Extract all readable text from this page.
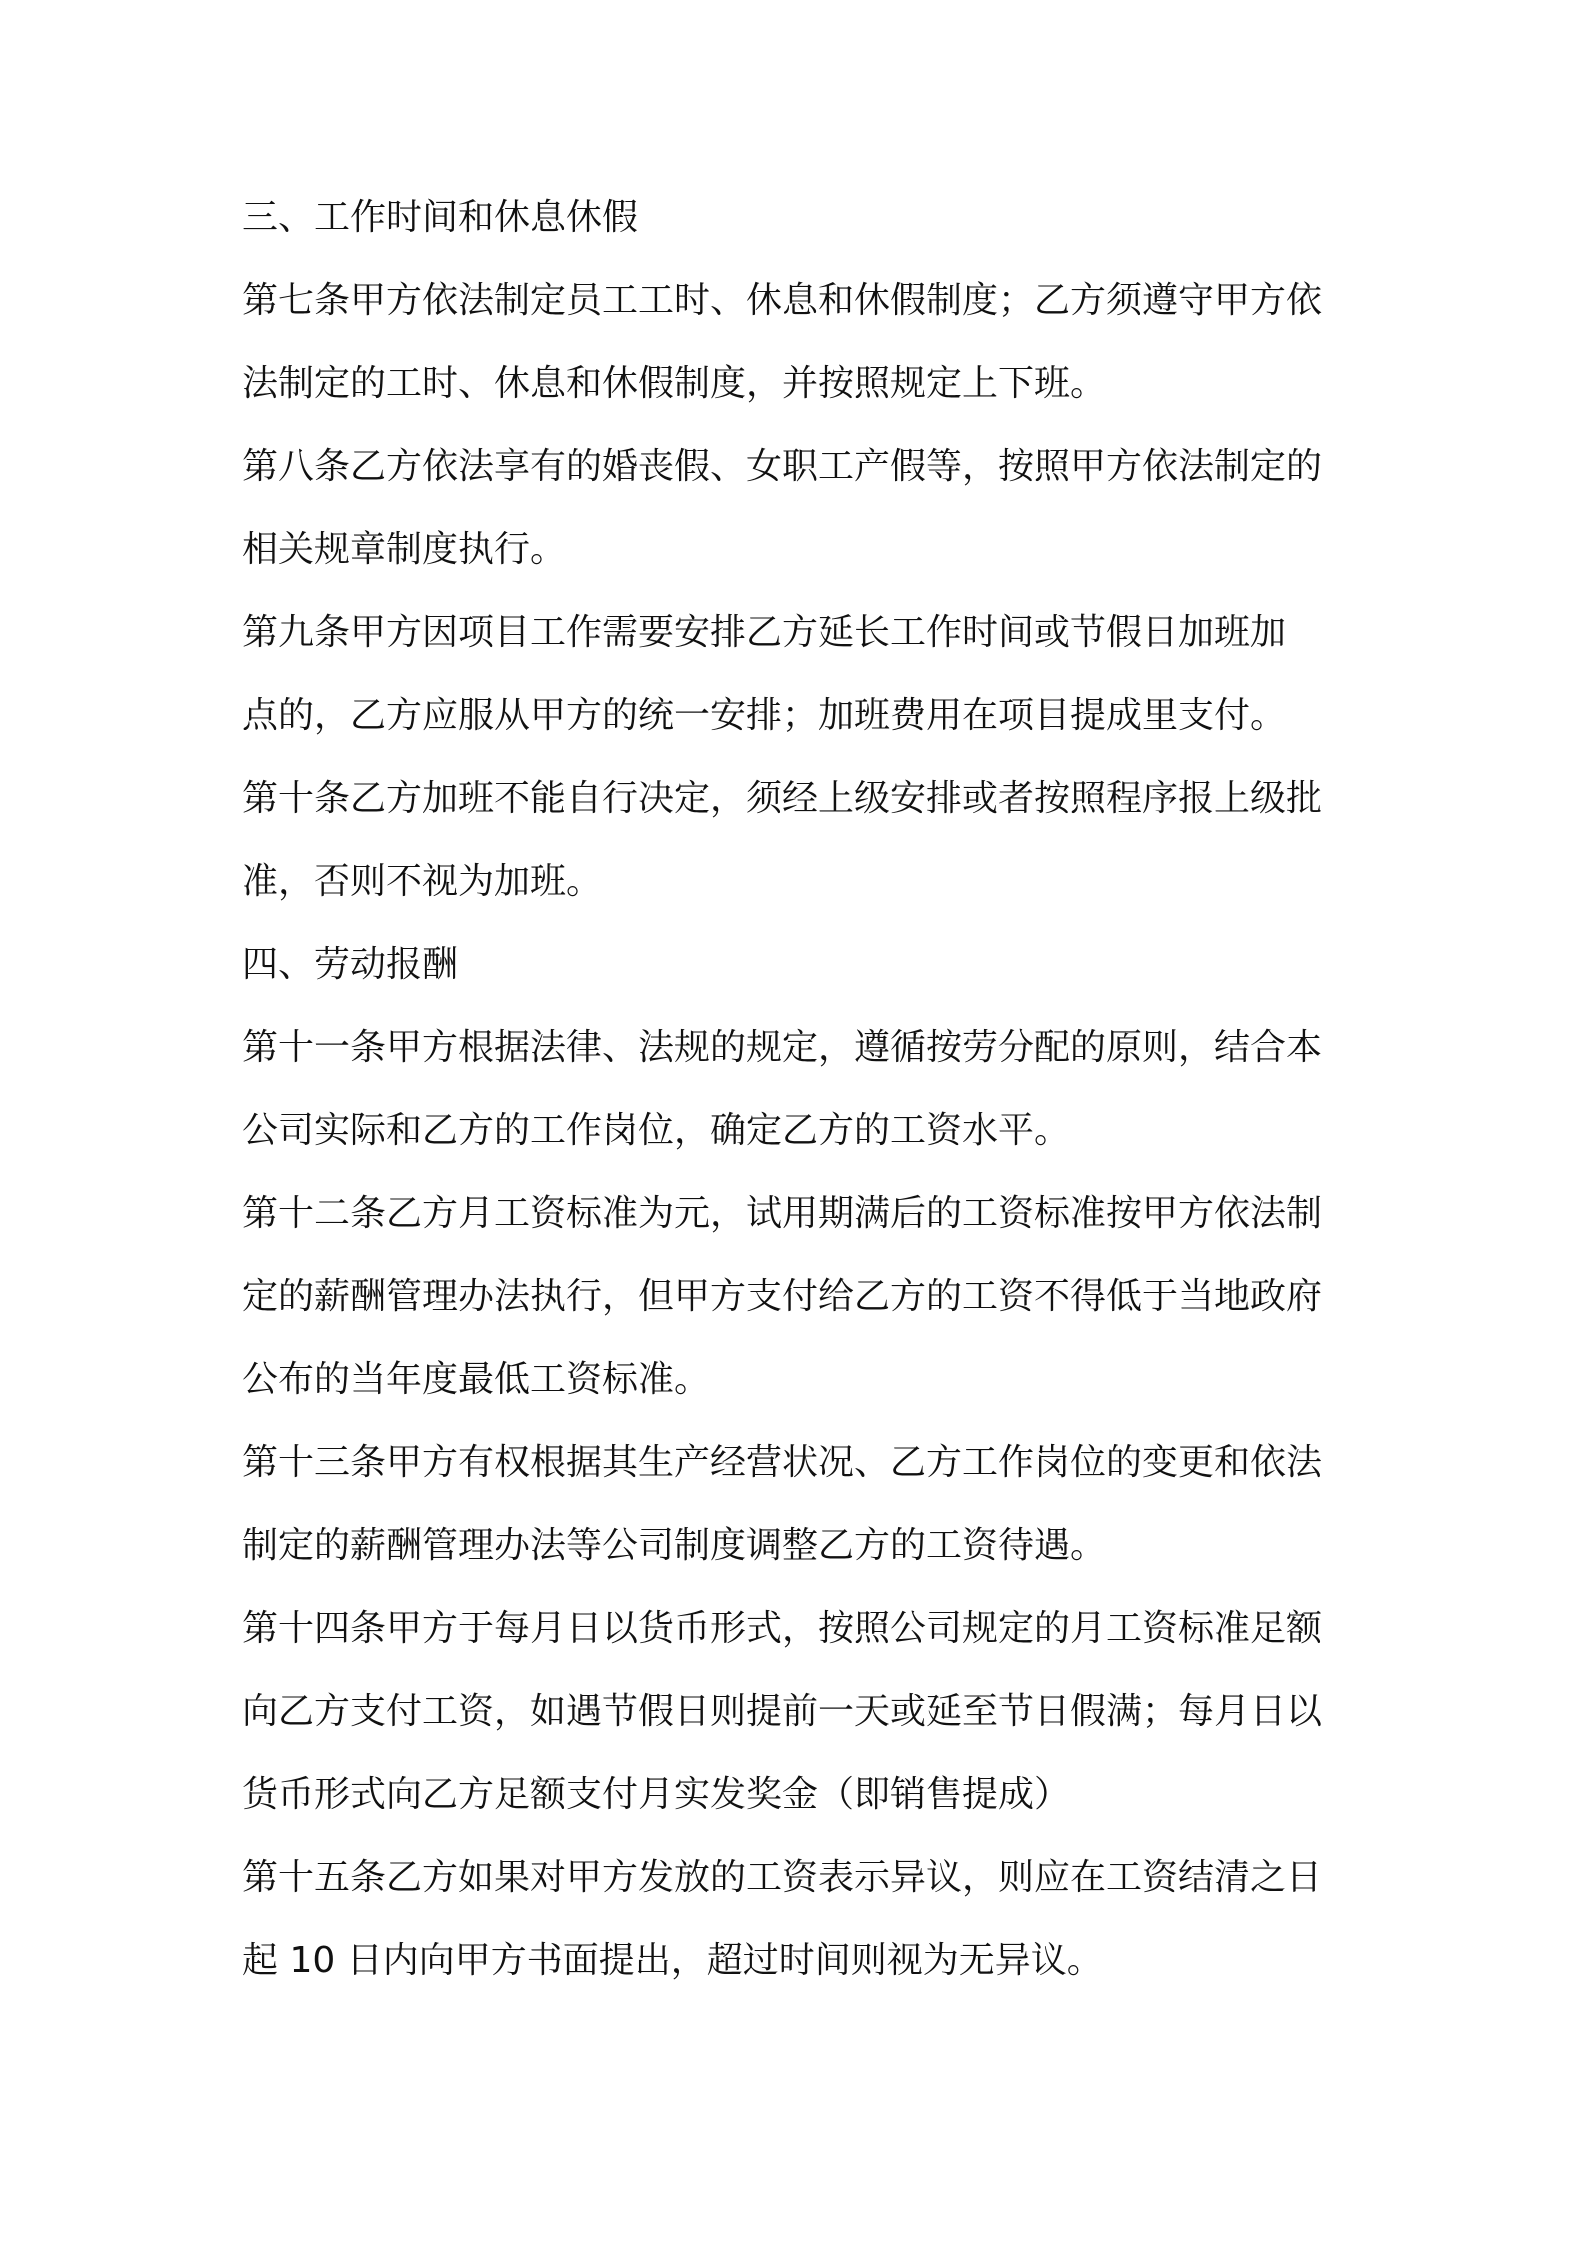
三、工作时间和休息休假
第七条甲方依法制定员工工时、休息和休假制度；乙方须遵守甲方依
法制定的工时、休息和休假制度，并按照规定上下班。
第八条乙方依法享有的婚丧假、女职工产假等，按照甲方依法制定的
相关规章制度执行。
第九条甲方因项目工作需要安排乙方延长工作时间或节假日加班加
点的，乙方应服从甲方的统一安排；加班费用在项目提成里支付。
第十条乙方加班不能自行决定，须经上级安排或者按照程序报上级批
准，否则不视为加班。
四、劳动报酬
第十一条甲方根据法律、法规的规定，遵循按劳分配的原则，结合本
公司实际和乙方的工作岗位，确定乙方的工资水平。
第十二条乙方月工资标准为元，试用期满后的工资标准按甲方依法制
定的薪酬管理办法执行，但甲方支付给乙方的工资不得低于当地政府
公布的当年度最低工资标准。
第十三条甲方有权根据其生产经营状况、乙方工作岗位的变更和依法
制定的薪酬管理办法等公司制度调整乙方的工资待遇。
第十四条甲方于每月日以货币形式，按照公司规定的月工资标准足额
向乙方支付工资，如遇节假日则提前一天或延至节日假满；每月日以
货币形式向乙方足额支付月实发奖金（即销售提成）
第十五条乙方如果对甲方发放的工资表示异议，则应在工资结清之日
起 10 日内向甲方书面提出，超过时间则视为无异议。
